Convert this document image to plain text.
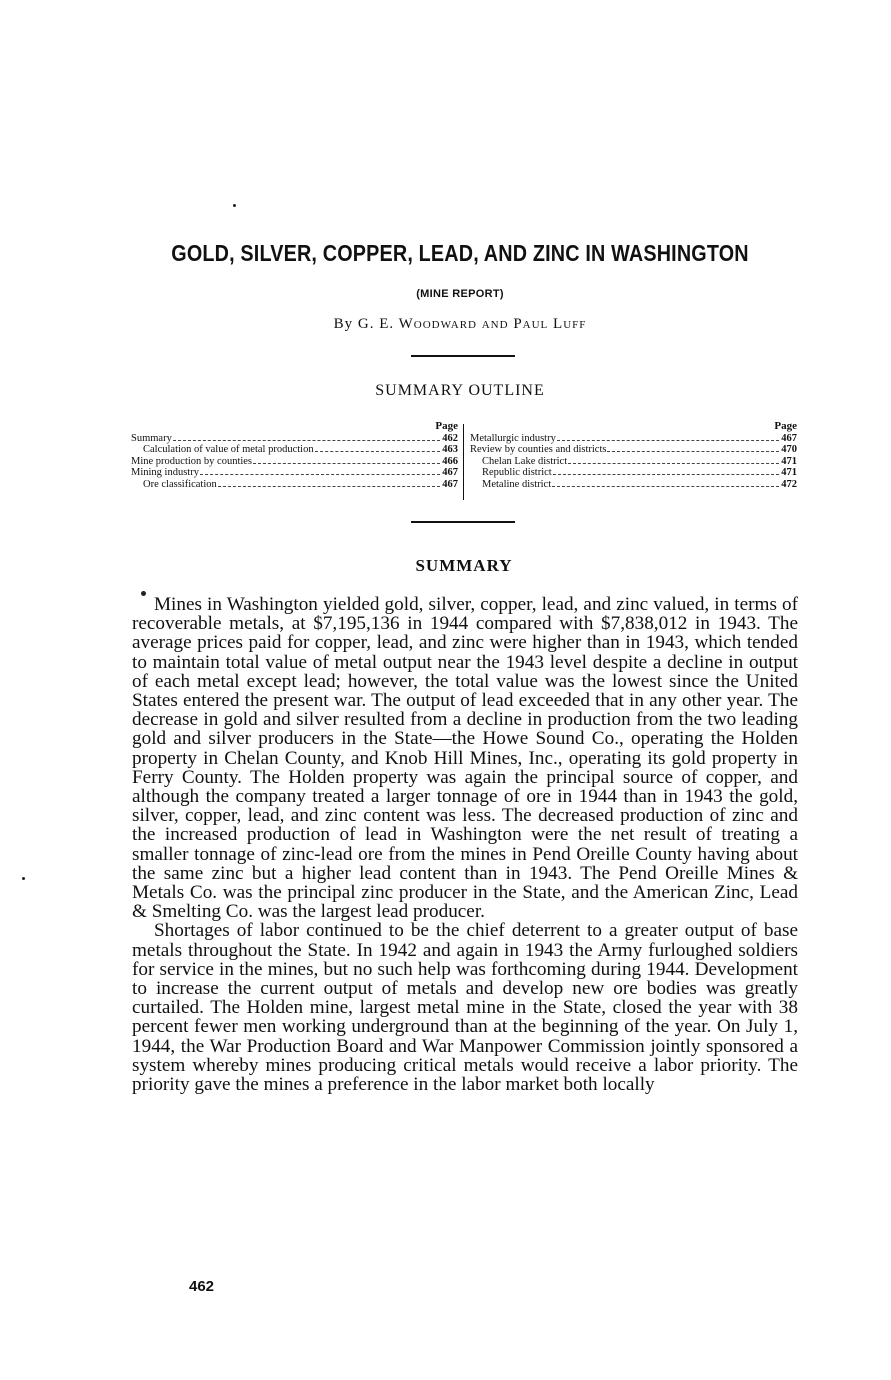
GOLD, SILVER, COPPER, LEAD, AND ZINC IN WASHINGTON
(MINE REPORT)
By G. E. Woodward and Paul Luff
SUMMARY OUTLINE
Page
Summary	462
Calculation of value of metal production	463
Mine production by counties	466
Mining industry	467
Ore classification	467
Page
Metallurgic industry	467
Review by counties and districts	470
Chelan Lake district	471
Republic district	471
Metaline district	472
SUMMARY

Mines in Washington yielded gold, silver, copper, lead, and zinc valued, in terms of recoverable metals, at $7,195,136 in 1944 compared with $7,838,012 in 1943. The average prices paid for copper, lead, and zinc were higher than in 1943, which tended to maintain total value of metal output near the 1943 level despite a decline in output of each metal except lead; however, the total value was the lowest since the United States entered the present war. The output of lead exceeded that in any other year. The decrease in gold and silver resulted from a decline in production from the two leading gold and silver producers in the State—the Howe Sound Co., operating the Holden property in Chelan County, and Knob Hill Mines, Inc., operating its gold property in Ferry County. The Holden property was again the principal source of copper, and although the company treated a larger tonnage of ore in 1944 than in 1943 the gold, silver, copper, lead, and zinc content was less. The decreased production of zinc and the increased production of lead in Washington were the net result of treating a smaller tonnage of zinc-lead ore from the mines in Pend Oreille County having about the same zinc but a higher lead content than in 1943. The Pend Oreille Mines & Metals Co. was the principal zinc producer in the State, and the American Zinc, Lead & Smelting Co. was the largest lead producer.

Shortages of labor continued to be the chief deterrent to a greater output of base metals throughout the State. In 1942 and again in 1943 the Army furloughed soldiers for service in the mines, but no such help was forthcoming during 1944. Development to increase the current output of metals and develop new ore bodies was greatly curtailed. The Holden mine, largest metal mine in the State, closed the year with 38 percent fewer men working underground than at the beginning of the year. On July 1, 1944, the War Production Board and War Manpower Commission jointly sponsored a system whereby mines producing critical metals would receive a labor priority. The priority gave the mines a preference in the labor market both locally

462
